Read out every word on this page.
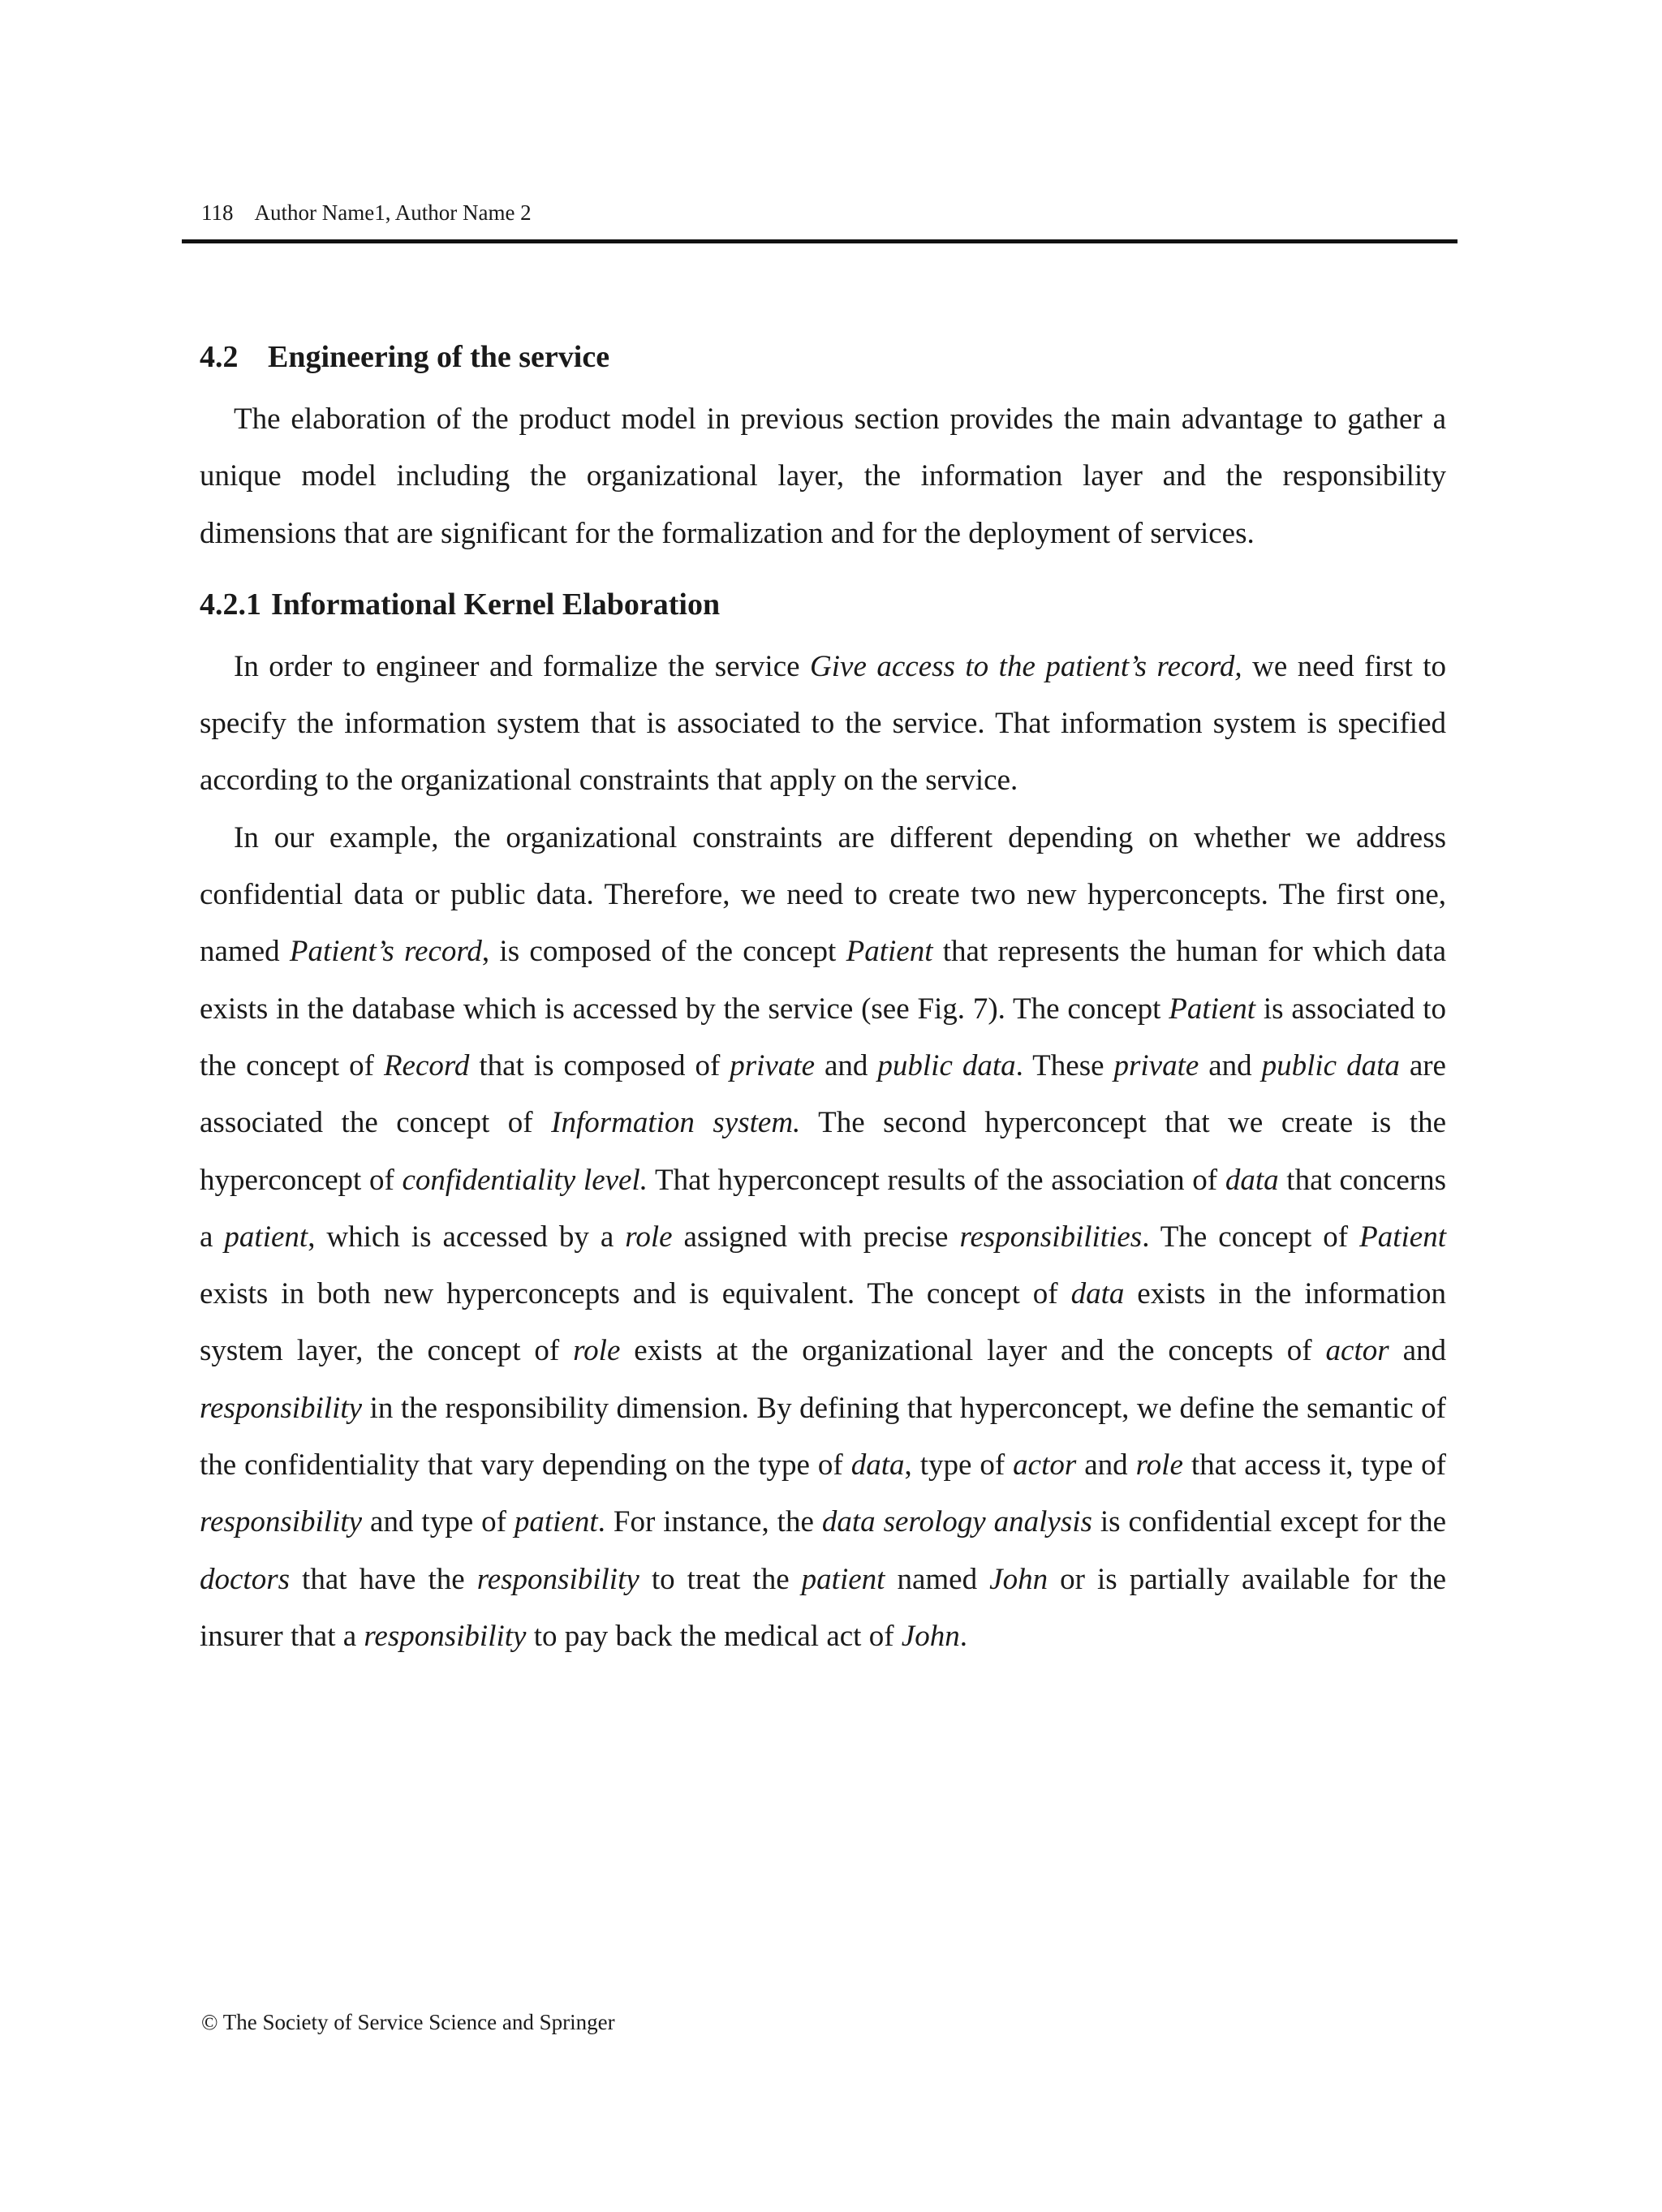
118 Author Name1, Author Name 2
4.2 Engineering of the service

The elaboration of the product model in previous section provides the main advantage to gather a unique model including the organizational layer, the information layer and the responsibility dimensions that are significant for the formalization and for the deployment of services.

4.2.1 Informational Kernel Elaboration

In order to engineer and formalize the service Give access to the patient’s record, we need first to specify the information system that is associated to the service. That information system is specified according to the organizational constraints that apply on the service.

In our example, the organizational constraints are different depending on whether we address confidential data or public data. Therefore, we need to create two new hyperconcepts. The first one, named Patient’s record, is composed of the concept Patient that represents the human for which data exists in the database which is accessed by the service (see Fig. 7). The concept Patient is associated to the concept of Record that is composed of private and public data. These private and public data are associated the concept of Information system. The second hyperconcept that we create is the hyperconcept of confidentiality level. That hyperconcept results of the association of data that concerns a patient, which is accessed by a role assigned with precise responsibilities. The concept of Patient exists in both new hyperconcepts and is equivalent. The concept of data exists in the information system layer, the concept of role exists at the organizational layer and the concepts of actor and responsibility in the responsibility dimension. By defining that hyperconcept, we define the semantic of the confidentiality that vary depending on the type of data, type of actor and role that access it, type of responsibility and type of patient. For instance, the data serology analysis is confidential except for the doctors that have the responsibility to treat the patient named John or is partially available for the insurer that a responsibility to pay back the medical act of John.

© The Society of Service Science and Springer
